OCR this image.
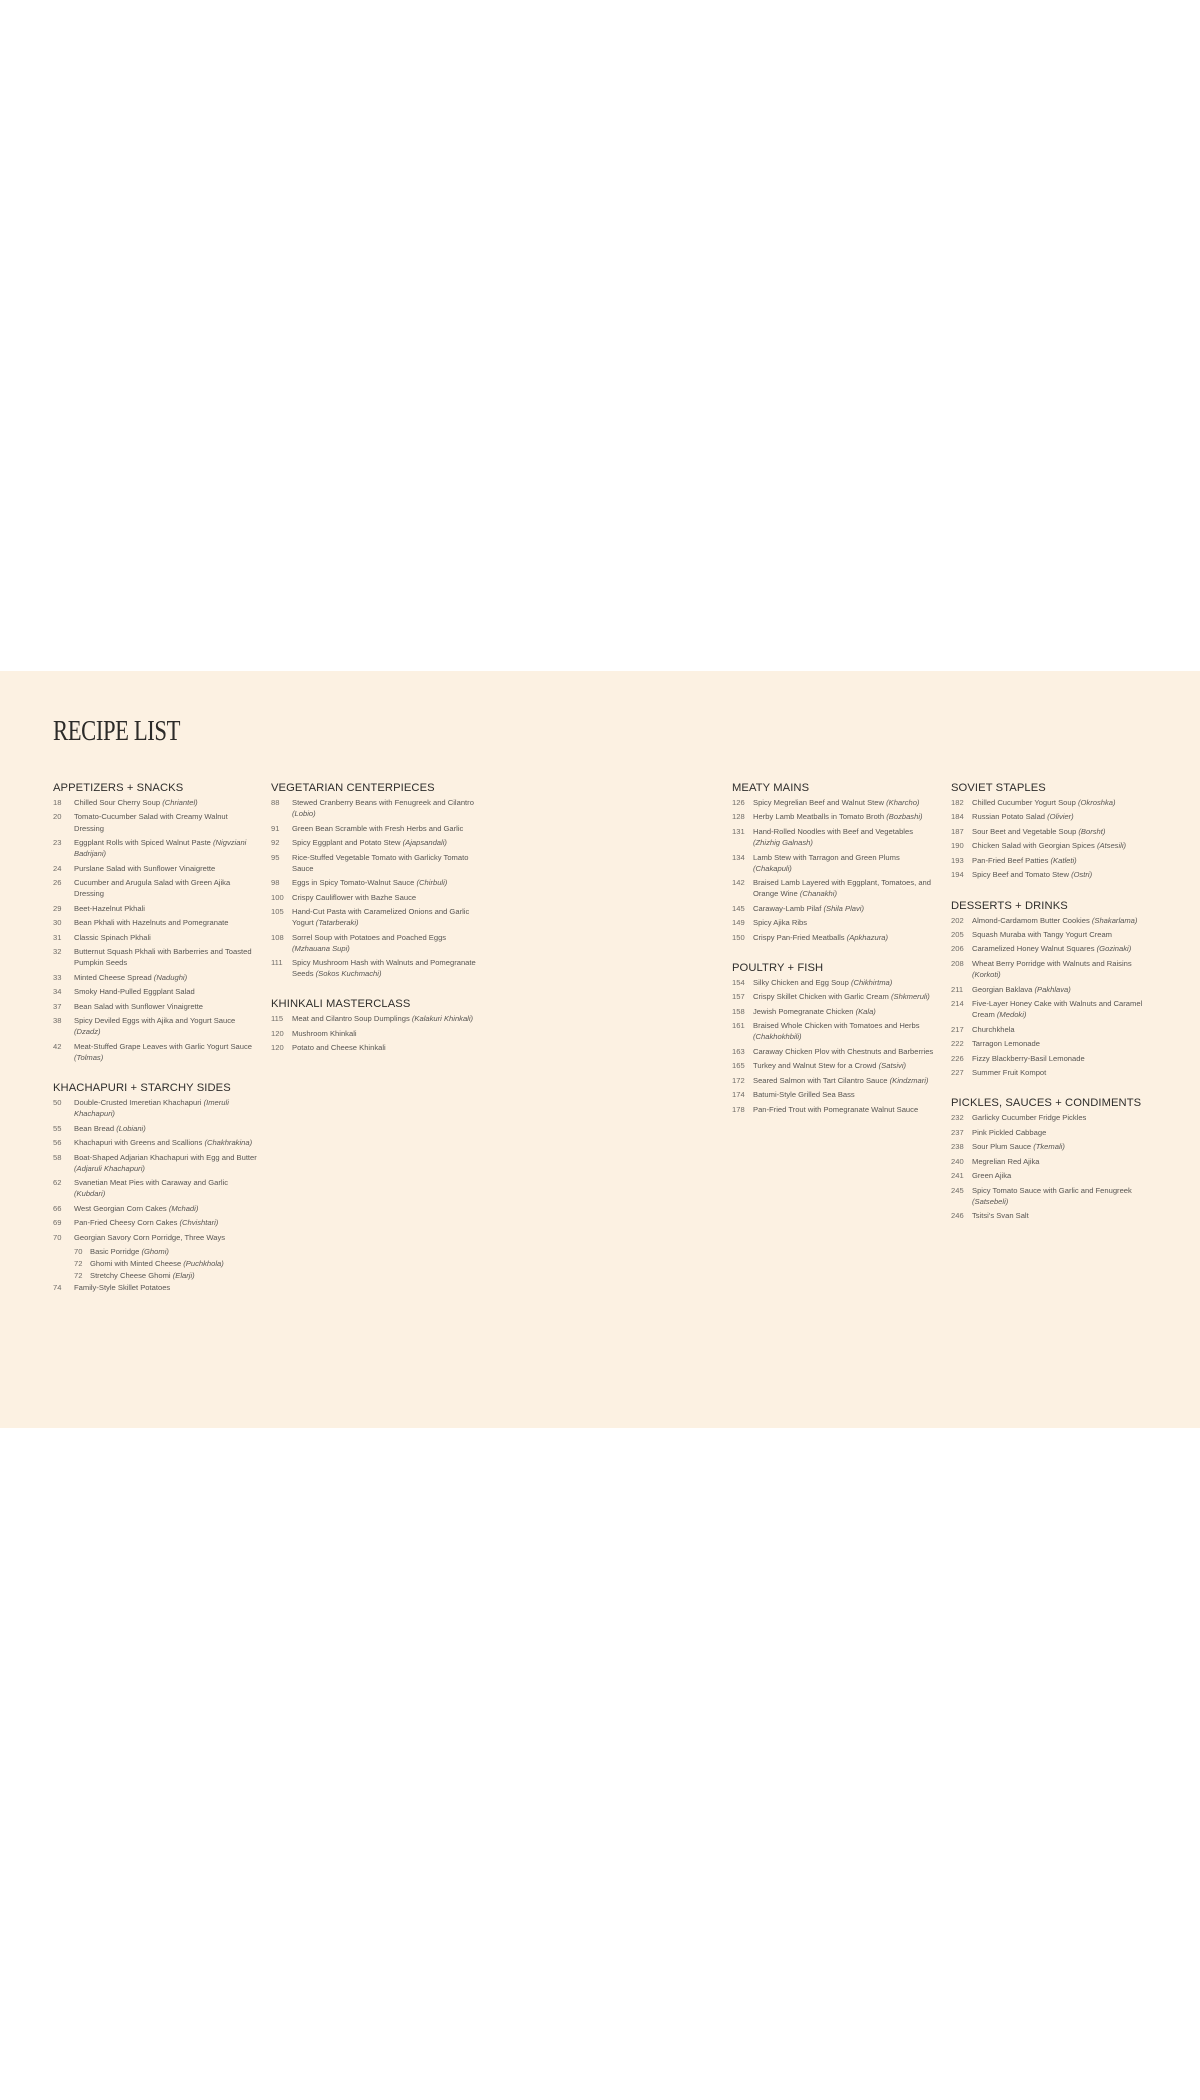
RECIPE LIST
APPETIZERS + SNACKS
18	Chilled Sour Cherry Soup (Chriantel)
20	Tomato-Cucumber Salad with Creamy Walnut Dressing
23	Eggplant Rolls with Spiced Walnut Paste (Nigvziani Badrijani)
24	Purslane Salad with Sunflower Vinaigrette
26	Cucumber and Arugula Salad with Green Ajika Dressing
29	Beet-Hazelnut Pkhali
30	Bean Pkhali with Hazelnuts and Pomegranate
31	Classic Spinach Pkhali
32	Butternut Squash Pkhali with Barberries and Toasted Pumpkin Seeds
33	Minted Cheese Spread (Nadughi)
34	Smoky Hand-Pulled Eggplant Salad
37	Bean Salad with Sunflower Vinaigrette
38	Spicy Deviled Eggs with Ajika and Yogurt Sauce (Dzadz)
42	Meat-Stuffed Grape Leaves with Garlic Yogurt Sauce (Tolmas)
KHACHAPURI + STARCHY SIDES
50	Double-Crusted Imeretian Khachapuri (Imeruli Khachapuri)
55	Bean Bread (Lobiani)
56	Khachapuri with Greens and Scallions (Chakhrakina)
58	Boat-Shaped Adjarian Khachapuri with Egg and Butter (Adjaruli Khachapuri)
62	Svanetian Meat Pies with Caraway and Garlic (Kubdari)
66	West Georgian Corn Cakes (Mchadi)
69	Pan-Fried Cheesy Corn Cakes (Chvishtari)
70	Georgian Savory Corn Porridge, Three Ways
70 Basic Porridge (Ghomi)
72 Ghomi with Minted Cheese (Puchkhola)
72 Stretchy Cheese Ghomi (Elarji)
74	Family-Style Skillet Potatoes
VEGETARIAN CENTERPIECES
88	Stewed Cranberry Beans with Fenugreek and Cilantro (Lobio)
91	Green Bean Scramble with Fresh Herbs and Garlic
92	Spicy Eggplant and Potato Stew (Ajapsandali)
95	Rice-Stuffed Vegetable Tomato with Garlicky Tomato Sauce
98	Eggs in Spicy Tomato-Walnut Sauce (Chirbuli)
100	Crispy Cauliflower with Bazhe Sauce
105	Hand-Cut Pasta with Caramelized Onions and Garlic Yogurt (Tatarberaki)
108	Sorrel Soup with Potatoes and Poached Eggs (Mzhauana Supi)
111	Spicy Mushroom Hash with Walnuts and Pomegranate Seeds (Sokos Kuchmachi)
KHINKALI MASTERCLASS
115	Meat and Cilantro Soup Dumplings (Kalakuri Khinkali)
120	Mushroom Khinkali
120	Potato and Cheese Khinkali
MEATY MAINS
126	Spicy Megrelian Beef and Walnut Stew (Kharcho)
128	Herby Lamb Meatballs in Tomato Broth (Bozbashi)
131	Hand-Rolled Noodles with Beef and Vegetables (Zhizhig Galnash)
134	Lamb Stew with Tarragon and Green Plums (Chakapuli)
142	Braised Lamb Layered with Eggplant, Tomatoes, and Orange Wine (Chanakhi)
145	Caraway-Lamb Pilaf (Shila Plavi)
149	Spicy Ajika Ribs
150	Crispy Pan-Fried Meatballs (Apkhazura)
POULTRY + FISH
154	Silky Chicken and Egg Soup (Chikhirtma)
157	Crispy Skillet Chicken with Garlic Cream (Shkmeruli)
158	Jewish Pomegranate Chicken (Kala)
161	Braised Whole Chicken with Tomatoes and Herbs (Chakhokhbili)
163	Caraway Chicken Plov with Chestnuts and Barberries
165	Turkey and Walnut Stew for a Crowd (Satsivi)
172	Seared Salmon with Tart Cilantro Sauce (Kindzmari)
174	Batumi-Style Grilled Sea Bass
178	Pan-Fried Trout with Pomegranate Walnut Sauce
SOVIET STAPLES
182	Chilled Cucumber Yogurt Soup (Okroshka)
184	Russian Potato Salad (Olivier)
187	Sour Beet and Vegetable Soup (Borsht)
190	Chicken Salad with Georgian Spices (Atsesili)
193	Pan-Fried Beef Patties (Katleti)
194	Spicy Beef and Tomato Stew (Ostri)
DESSERTS + DRINKS
202	Almond-Cardamom Butter Cookies (Shakarlama)
205	Squash Muraba with Tangy Yogurt Cream
206	Caramelized Honey Walnut Squares (Gozinaki)
208	Wheat Berry Porridge with Walnuts and Raisins (Korkoti)
211	Georgian Baklava (Pakhlava)
214	Five-Layer Honey Cake with Walnuts and Caramel Cream (Medoki)
217	Churchkhela
222	Tarragon Lemonade
226	Fizzy Blackberry-Basil Lemonade
227	Summer Fruit Kompot
PICKLES, SAUCES + CONDIMENTS
232	Garlicky Cucumber Fridge Pickles
237	Pink Pickled Cabbage
238	Sour Plum Sauce (Tkemali)
240	Megrelian Red Ajika
241	Green Ajika
245	Spicy Tomato Sauce with Garlic and Fenugreek (Satsebeli)
246	Tsitsi's Svan Salt
